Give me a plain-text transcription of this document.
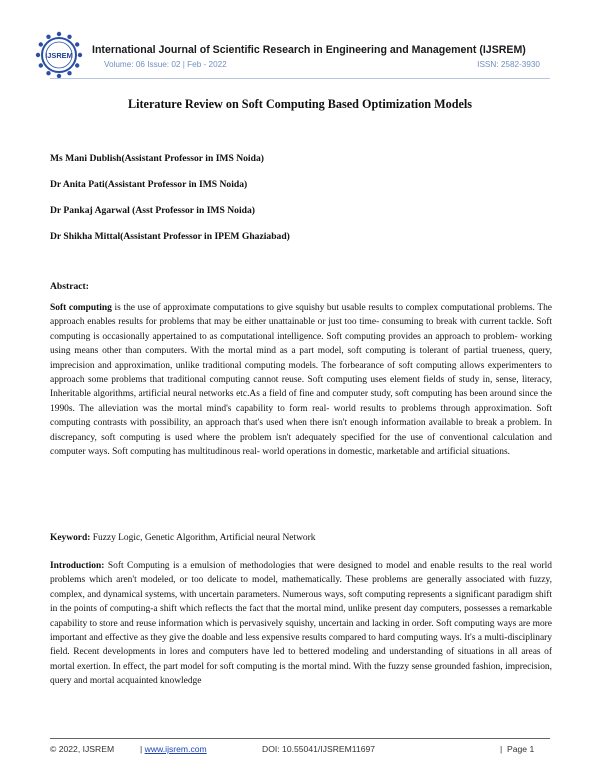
IJSREM International Journal of Scientific Research in Engineering and Management (IJSREM)
Volume: 06 Issue: 02 | Feb - 2022	ISSN: 2582-3930
Literature Review on Soft Computing Based Optimization Models
Ms Mani Dublish(Assistant Professor in IMS Noida)
Dr Anita Pati(Assistant Professor in IMS Noida)
Dr Pankaj Agarwal (Asst Professor in IMS Noida)
Dr Shikha Mittal(Assistant Professor in IPEM Ghaziabad)
Abstract:

Soft computing is the use of approximate computations to give squishy but usable results to complex computational problems. The approach enables results for problems that may be either unattainable or just too time- consuming to break with current tackle. Soft computing is occasionally appertained to as computational intelligence. Soft computing provides an approach to problem- working using means other than computers. With the mortal mind as a part model, soft computing is tolerant of partial trueness, query, imprecision and approximation, unlike traditional computing models. The forbearance of soft computing allows experimenters to approach some problems that traditional computing cannot reuse. Soft computing uses element fields of study in, sense, literacy, Inheritable algorithms, artificial neural networks etc.As a field of fine and computer study, soft computing has been around since the 1990s. The alleviation was the mortal mind's capability to form real- world results to problems through approximation. Soft computing contrasts with possibility, an approach that's used when there isn't enough information available to break a problem. In discrepancy, soft computing is used where the problem isn't adequately specified for the use of conventional calculation and computer ways. Soft computing has multitudinous real- world operations in domestic, marketable and artificial situations.

Keyword: Fuzzy Logic, Genetic Algorithm, Artificial neural Network

Introduction: Soft Computing is a emulsion of methodologies that were designed to model and enable results to the real world problems which aren't modeled, or too delicate to model, mathematically. These problems are generally associated with fuzzy, complex, and dynamical systems, with uncertain parameters. Numerous ways, soft computing represents a significant paradigm shift in the points of computing-a shift which reflects the fact that the mortal mind, unlike present day computers, possesses a remarkable capability to store and reuse information which is pervasively squishy, uncertain and lacking in order. Soft computing ways are more important and effective as they give the doable and less expensive results compared to hard computing ways. It's a multi-disciplinary field. Recent developments in lores and computers have led to bettered modeling and understanding of situations in all areas of mortal exertion. In effect, the part model for soft computing is the mortal mind. With the fuzzy sense grounded fashion, imprecision, query and mortal acquainted knowledge

© 2022, IJSREM	| www.ijsrem.com	DOI: 10.55041/IJSREM11697	|  Page 1
